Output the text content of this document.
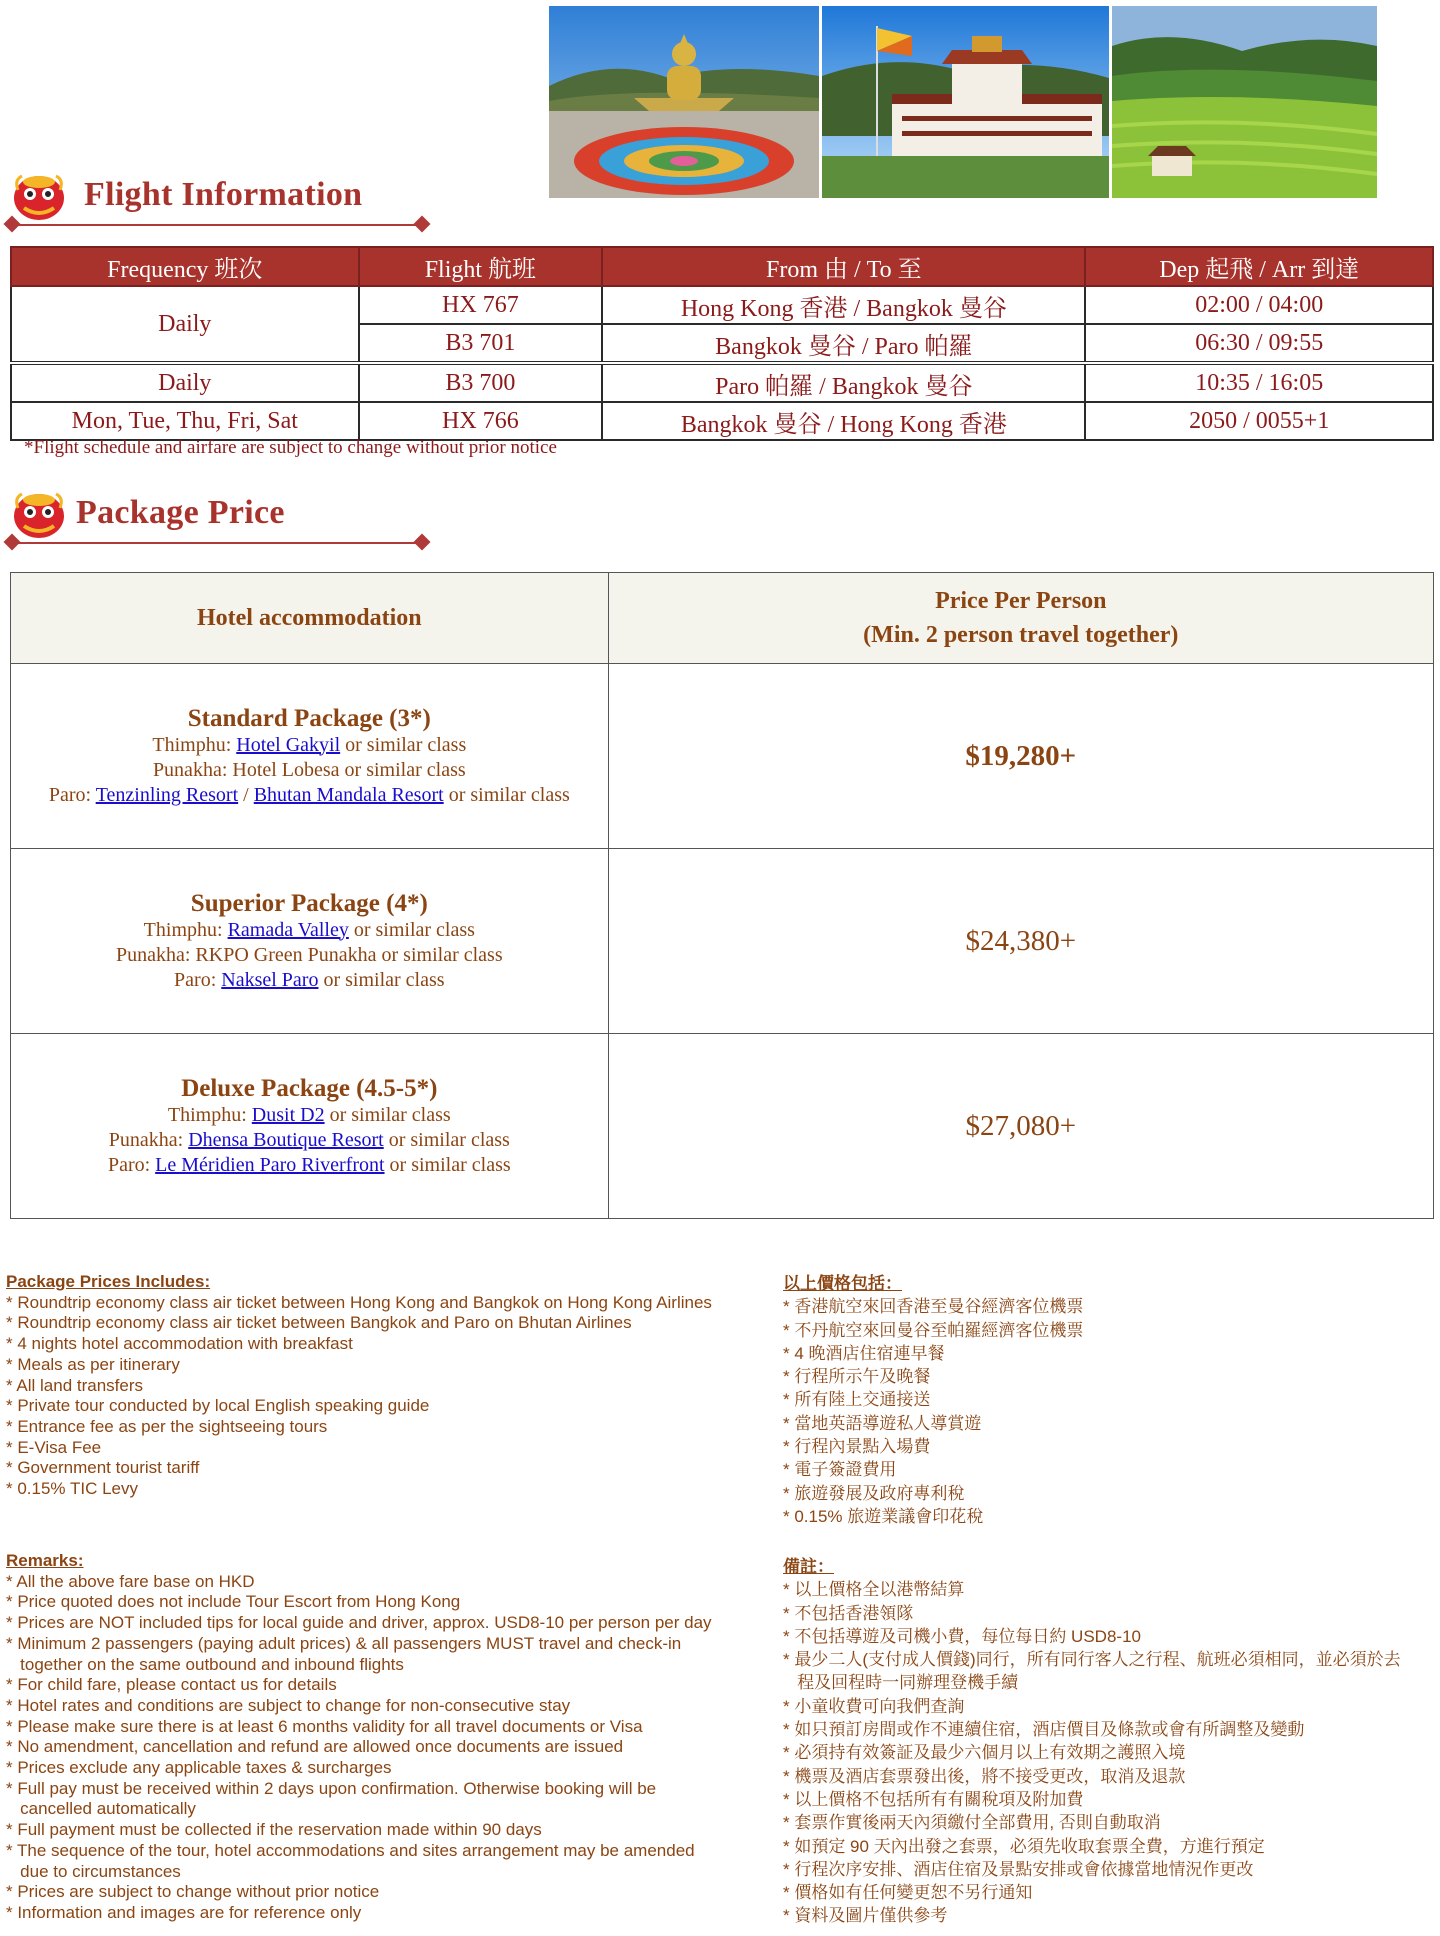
Flight Information
Frequency 班次	Flight 航班	From 由 / To 至	Dep 起飛 / Arr 到達
Daily	HX 767	Hong Kong 香港 / Bangkok 曼谷	02:00 / 04:00
	B3 701	Bangkok 曼谷 / Paro 帕羅	06:30 / 09:55
Daily	B3 700	Paro 帕羅 / Bangkok 曼谷	10:35 / 16:05
Mon, Tue, Thu, Fri, Sat	HX 766	Bangkok 曼谷 / Hong Kong 香港	2050 / 0055+1
*Flight schedule and airfare are subject to change without prior notice
Package Price
Hotel accommodation	Price Per Person
(Min. 2 person travel together)

Standard Package (3*)
Thimphu: Hotel Gakyil or similar class
Punakha: Hotel Lobesa or similar class
Paro: Tenzinling Resort / Bhutan Mandala Resort or similar class	$19,280+

Superior Package (4*)
Thimphu: Ramada Valley or similar class
Punakha: RKPO Green Punakha or similar class
Paro: Naksel Paro or similar class	$24,380+

Deluxe Package (4.5-5*)
Thimphu: Dusit D2 or similar class
Punakha: Dhensa Boutique Resort or similar class
Paro: Le Méridien Paro Riverfront or similar class	$27,080+
Package Prices Includes:
* Roundtrip economy class air ticket between Hong Kong and Bangkok on Hong Kong Airlines
* Roundtrip economy class air ticket between Bangkok and Paro on Bhutan Airlines
* 4 nights hotel accommodation with breakfast
* Meals as per itinerary
* All land transfers
* Private tour conducted by local English speaking guide
* Entrance fee as per the sightseeing tours
* E-Visa Fee
* Government tourist tariff
* 0.15% TIC Levy
Remarks:
* All the above fare base on HKD
* Price quoted does not include Tour Escort from Hong Kong
* Prices are NOT included tips for local guide and driver, approx. USD8-10 per person per day
* Minimum 2 passengers (paying adult prices) & all passengers MUST travel and check-in
together on the same outbound and inbound flights
* For child fare, please contact us for details
* Hotel rates and conditions are subject to change for non-consecutive stay
* Please make sure there is at least 6 months validity for all travel documents or Visa
* No amendment, cancellation and refund are allowed once documents are issued
* Prices exclude any applicable taxes & surcharges
* Full pay must be received within 2 days upon confirmation. Otherwise booking will be
cancelled automatically
* Full payment must be collected if the reservation made within 90 days
* The sequence of the tour, hotel accommodations and sites arrangement may be amended
due to circumstances
* Prices are subject to change without prior notice
* Information and images are for reference only
以上價格包括：
* 香港航空來回香港至曼谷經濟客位機票
* 不丹航空來回曼谷至帕羅經濟客位機票
* 4 晚酒店住宿連早餐
* 行程所示午及晚餐
* 所有陸上交通接送
* 當地英語導遊私人導賞遊
* 行程內景點入場費
* 電子簽證費用
* 旅遊發展及政府專利稅
* 0.15% 旅遊業議會印花稅
備註：
* 以上價格全以港幣結算
* 不包括香港領隊
* 不包括導遊及司機小費，每位每日約 USD8-10
* 最少二人(支付成人價錢)同行，所有同行客人之行程、航班必須相同，並必須於去
程及回程時一同辦理登機手續
* 小童收費可向我們查詢
* 如只預訂房間或作不連續住宿，酒店價目及條款或會有所調整及變動
* 必須持有效簽証及最少六個月以上有效期之護照入境
* 機票及酒店套票發出後，將不接受更改，取消及退款
* 以上價格不包括所有有關稅項及附加費
* 套票作實後兩天內須繳付全部費用, 否則自動取消
* 如預定 90 天內出發之套票，必須先收取套票全費，方進行預定
* 行程次序安排、酒店住宿及景點安排或會依據當地情況作更改
* 價格如有任何變更恕不另行通知
* 資料及圖片僅供參考
